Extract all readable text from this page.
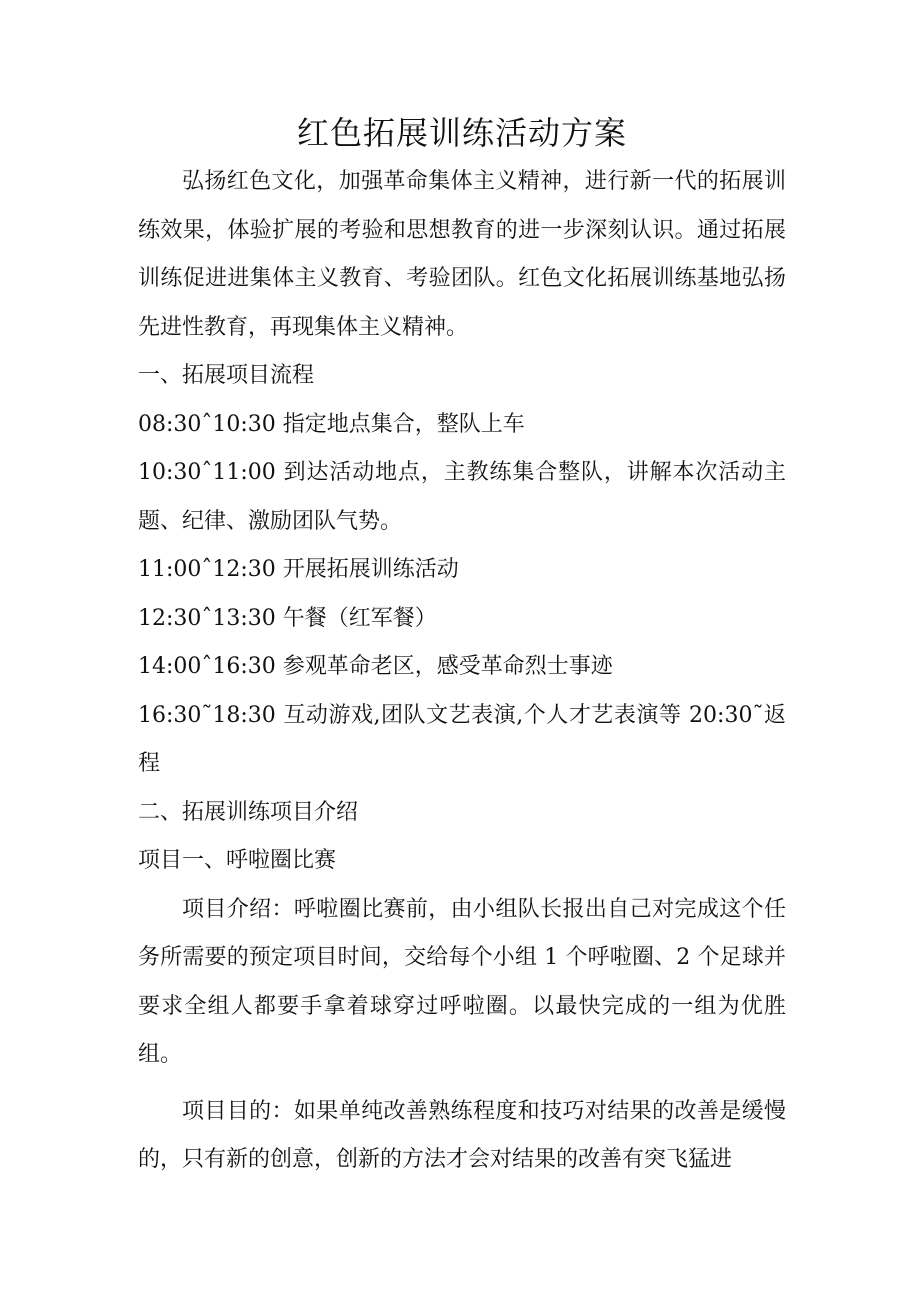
红色拓展训练活动方案

弘扬红色文化，加强革命集体主义精神，进行新一代的拓展训练效果，体验扩展的考验和思想教育的进一步深刻认识。通过拓展训练促进进集体主义教育、考验团队。红色文化拓展训练基地弘扬先进性教育，再现集体主义精神。

一、拓展项目流程

08:30ˆ10:30 指定地点集合，整队上车

10:30ˆ11:00 到达活动地点，主教练集合整队，讲解本次活动主题、纪律、激励团队气势。

11:00ˆ12:30 开展拓展训练活动

12:30ˆ13:30 午餐（红军餐）

14:00ˆ16:30 参观革命老区，感受革命烈士事迹

16:30˜18:30 互动游戏,团队文艺表演,个人才艺表演等 20:30˜返程

二、拓展训练项目介绍

项目一、呼啦圈比赛

项目介绍：呼啦圈比赛前，由小组队长报出自己对完成这个任务所需要的预定项目时间，交给每个小组 1 个呼啦圈、2 个足球并要求全组人都要手拿着球穿过呼啦圈。以最快完成的一组为优胜组。

项目目的：如果单纯改善熟练程度和技巧对结果的改善是缓慢的，只有新的创意，创新的方法才会对结果的改善有突飞猛进
